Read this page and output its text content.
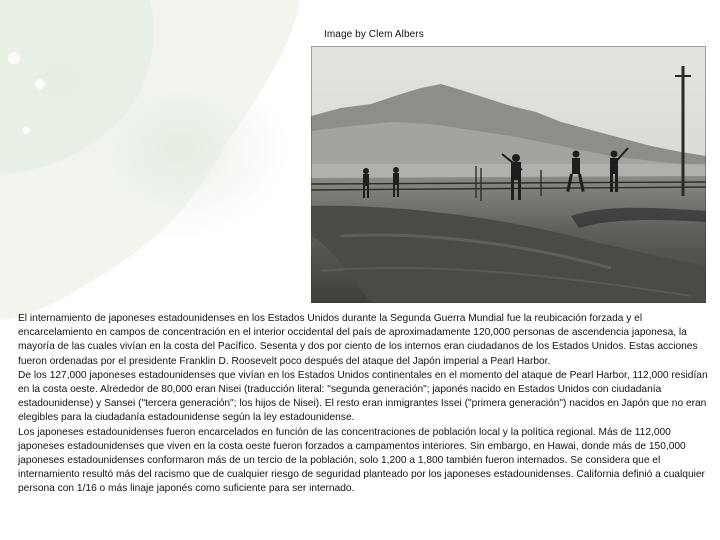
Image by Clem Albers

El internamiento de japoneses estadounidenses en los Estados Unidos durante la Segunda Guerra Mundial fue la reubicación forzada y el encarcelamiento en campos de concentración en el interior occidental del país de aproximadamente 120,000 personas de ascendencia japonesa, la mayoría de las cuales vivían en la costa del Pacífico. Sesenta y dos por ciento de los internos eran ciudadanos de los Estados Unidos. Estas acciones fueron ordenadas por el presidente Franklin D. Roosevelt poco después del ataque del Japón imperial a Pearl Harbor.

De los 127,000 japoneses estadounidenses que vivían en los Estados Unidos continentales en el momento del ataque de Pearl Harbor, 112,000 residían en la costa oeste. Alrededor de 80,000 eran Nisei (traducción literal: "segunda generación"; japonés nacido en Estados Unidos con ciudadanía estadounidense) y Sansei ("tercera generación"; los hijos de Nisei). El resto eran inmigrantes Issei ("primera generación") nacidos en Japón que no eran elegibles para la ciudadanía estadounidense según la ley estadounidense.

Los japoneses estadounidenses fueron encarcelados en función de las concentraciones de población local y la política regional. Más de 112,000 japoneses estadounidenses que viven en la costa oeste fueron forzados a campamentos interiores. Sin embargo, en Hawai, donde más de 150,000 japoneses estadounidenses conformaron más de un tercio de la población, solo 1,200 a 1,800 también fueron internados. Se considera que el internamiento resultó más del racismo que de cualquier riesgo de seguridad planteado por los japoneses estadounidenses. California definió a cualquier persona con 1/16 o más linaje japonés como suficiente para ser internado.
